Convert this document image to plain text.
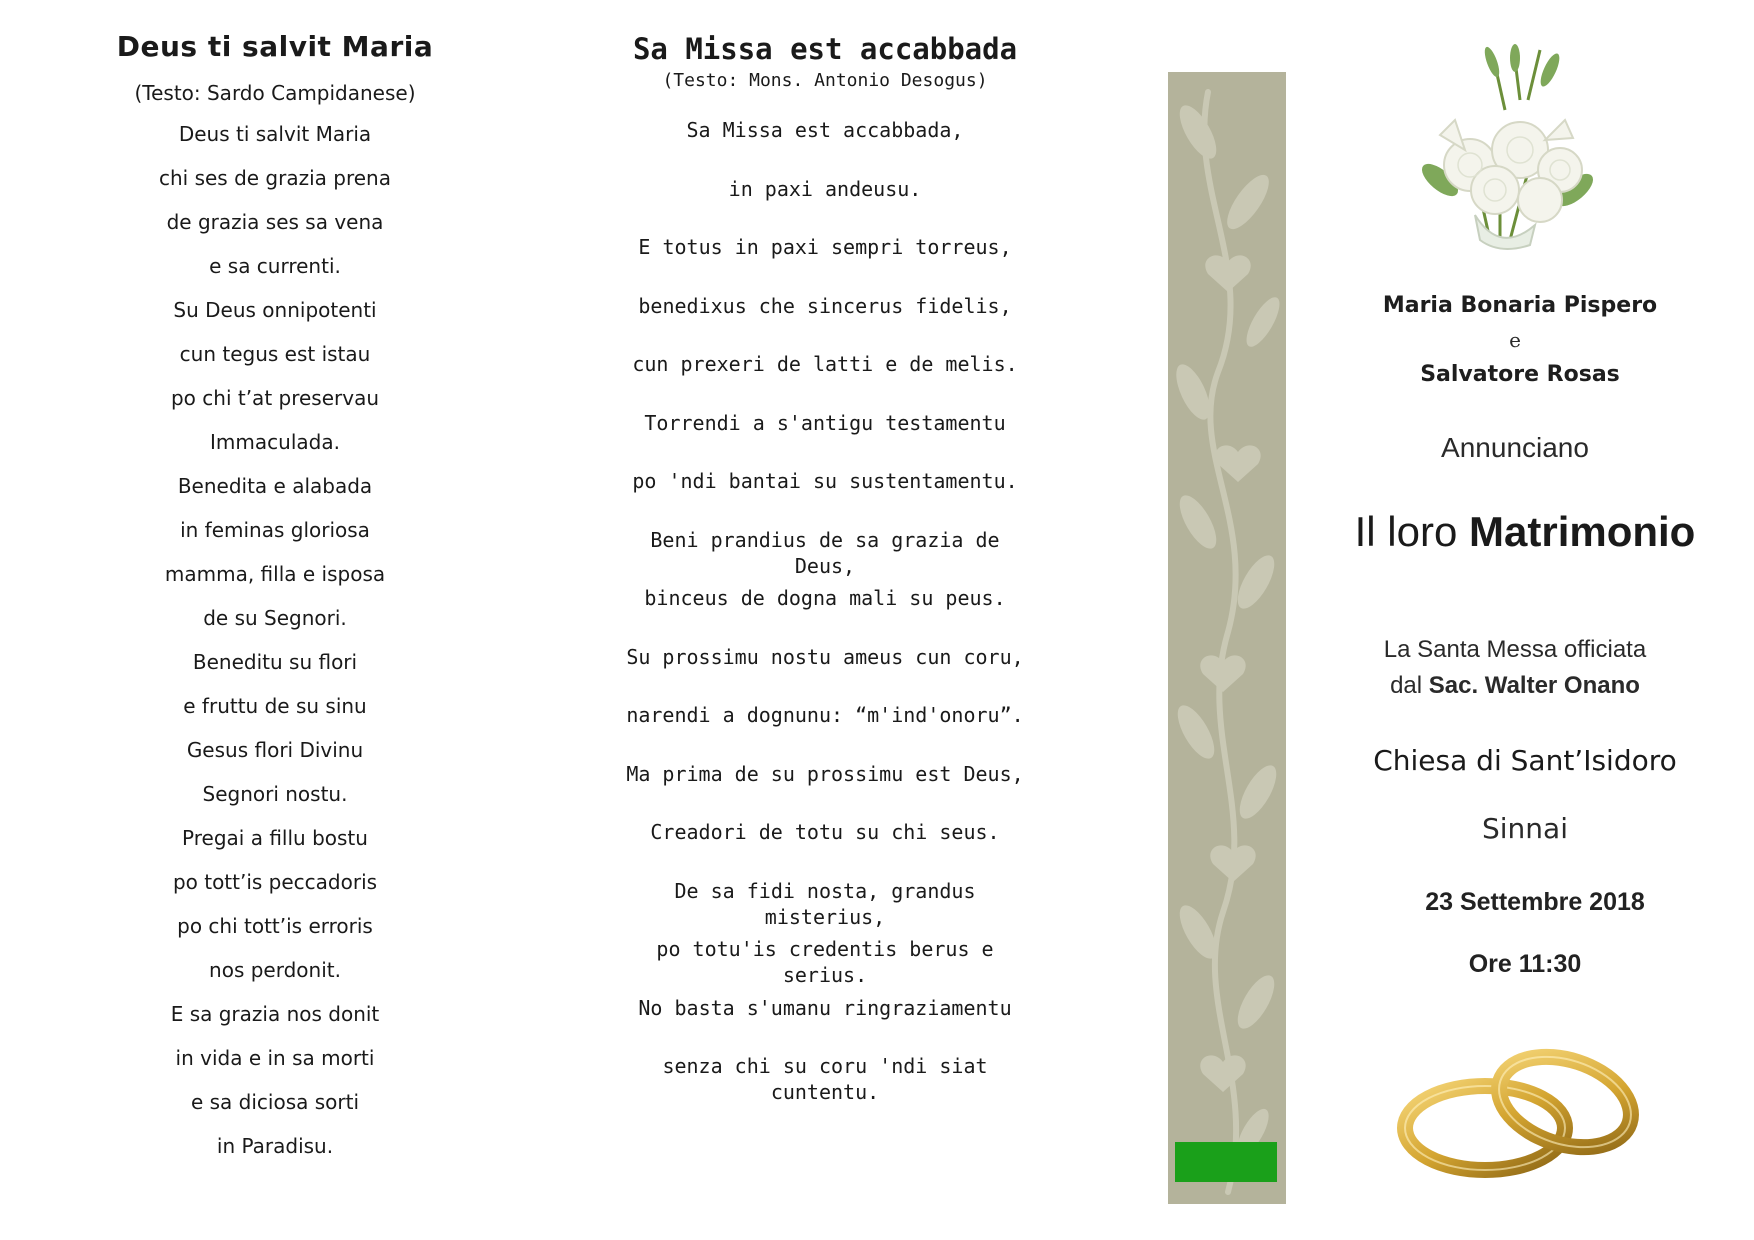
Deus ti salvit Maria
(Testo: Sardo Campidanese)
Deus ti salvit Maria
chi ses de grazia prena
de grazia ses sa vena
e sa currenti.
Su Deus onnipotenti
cun tegus est istau
po chi t’at preservau
Immaculada.
Benedita e alabada
in feminas gloriosa
mamma, filla e isposa
de su Segnori.
Beneditu su flori
e fruttu de su sinu
Gesus flori Divinu
Segnori nostu.
Pregai a fillu bostu
po tott’is peccadoris
po chi tott’is erroris
nos perdonit.
E sa grazia nos donit
in vida e in sa morti
e sa diciosa sorti
in Paradisu.
Sa Missa est accabbada
(Testo: Mons. Antonio Desogus)
Sa Missa est accabbada,
in paxi andeusu.
E totus in paxi sempri torreus,
benedixus che sincerus fidelis,
cun prexeri de latti e de melis.
Torrendi a s'antigu testamentu
po 'ndi bantai su sustentamentu.
Beni prandius de sa grazia de Deus,
binceus de dogna mali su peus.
Su prossimu nostu ameus cun coru,
narendi a dognunu: “m'ind'onoru”.
Ma prima de su prossimu est Deus,
Creadori de totu su chi seus.
De sa fidi nosta, grandus misterius,
po totu'is credentis berus e serius.
No basta s'umanu ringraziamentu
senza chi su coru 'ndi siat cuntentu.
Maria Bonaria Pispero
e
Salvatore Rosas
Annunciano
Il loro Matrimonio
La Santa Messa officiata
dal Sac. Walter Onano
Chiesa di Sant’Isidoro
Sinnai
23 Settembre 2018
Ore 11:30
